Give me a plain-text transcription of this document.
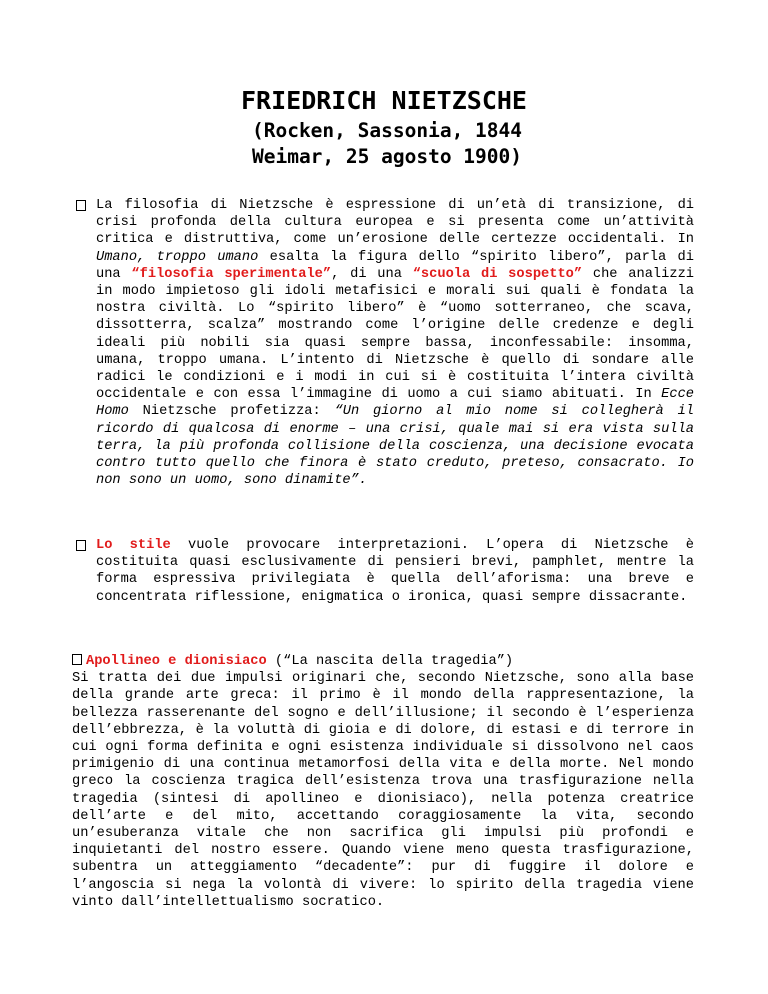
FRIEDRICH NIETZSCHE
(Rocken, Sassonia, 1844
Weimar, 25 agosto 1900)

La filosofia di Nietzsche è espressione di un’età di transizione, di crisi profonda della cultura europea e si presenta come un’attività critica e distruttiva, come un’erosione delle certezze occidentali. In Umano, troppo umano esalta la figura dello “spirito libero”, parla di una “filosofia sperimentale”, di una “scuola di sospetto” che analizzi in modo impietoso gli idoli metafisici e morali sui quali è fondata la nostra civiltà. Lo “spirito libero” è “uomo sotterraneo, che scava, dissotterra, scalza” mostrando come l’origine delle credenze e degli ideali più nobili sia quasi sempre bassa, inconfessabile: insomma, umana, troppo umana. L’intento di Nietzsche è quello di sondare alle radici le condizioni e i modi in cui si è costituita l’intera civiltà occidentale e con essa l’immagine di uomo a cui siamo abituati. In Ecce Homo Nietzsche profetizza: “Un giorno al mio nome si collegherà il ricordo di qualcosa di enorme – una crisi, quale mai si era vista sulla terra, la più profonda collisione della coscienza, una decisione evocata contro tutto quello che finora è stato creduto, preteso, consacrato. Io non sono un uomo, sono dinamite”.

Lo stile vuole provocare interpretazioni. L’opera di Nietzsche è costituita quasi esclusivamente di pensieri brevi, pamphlet, mentre la forma espressiva privilegiata è quella dell’aforisma: una breve e concentrata riflessione, enigmatica o ironica, quasi sempre dissacrante.

Apollineo e dionisiaco (“La nascita della tragedia”)
Si tratta dei due impulsi originari che, secondo Nietzsche, sono alla base della grande arte greca: il primo è il mondo della rappresentazione, la bellezza rasserenante del sogno e dell’illusione; il secondo è l’esperienza dell’ebbrezza, è la voluttà di gioia e di dolore, di estasi e di terrore in cui ogni forma definita e ogni esistenza individuale si dissolvono nel caos primigenio di una continua metamorfosi della vita e della morte. Nel mondo greco la coscienza tragica dell’esistenza trova una trasfigurazione nella tragedia (sintesi di apollineo e dionisiaco), nella potenza creatrice dell’arte e del mito, accettando coraggiosamente la vita, secondo un’esuberanza vitale che non sacrifica gli impulsi più profondi e inquietanti del nostro essere. Quando viene meno questa trasfigurazione, subentra un atteggiamento “decadente”: pur di fuggire il dolore e l’angoscia si nega la volontà di vivere: lo spirito della tragedia viene vinto dall’intellettualismo socratico.
